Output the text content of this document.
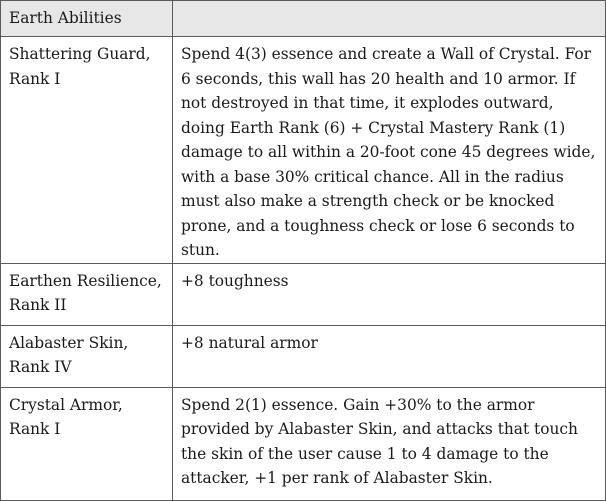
Earth Abilities	
Shattering Guard,
Rank I	Spend 4(3) essence and create a Wall of Crystal. For 6 seconds, this wall has 20 health and 10 armor. If not destroyed in that time, it explodes outward, doing Earth Rank (6) + Crystal Mastery Rank (1) damage to all within a 20-foot cone 45 degrees wide, with a base 30% critical chance. All in the radius must also make a strength check or be knocked prone, and a toughness check or lose 6 seconds to stun.
Earthen Resilience,
Rank II	+8 toughness
Alabaster Skin,
Rank IV	+8 natural armor
Crystal Armor,
Rank I	Spend 2(1) essence. Gain +30% to the armor provided by Alabaster Skin, and attacks that touch the skin of the user cause 1 to 4 damage to the attacker, +1 per rank of Alabaster Skin.
